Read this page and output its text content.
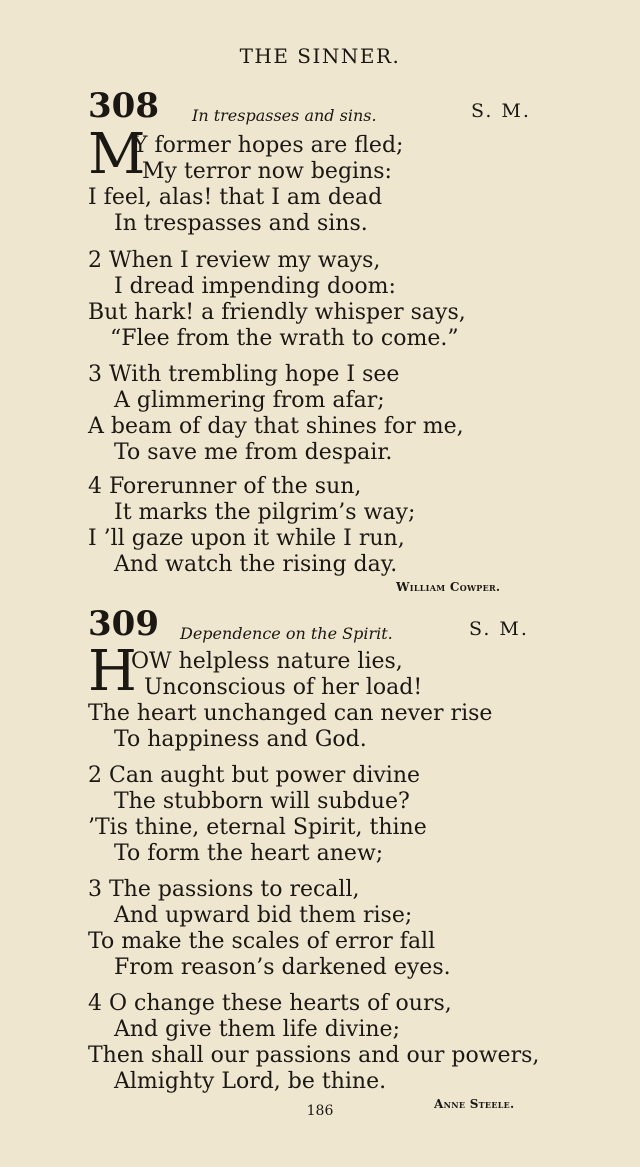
THE SINNER.
308 In trespasses and sins.	S. M.
M
Y former hopes are fled;
My terror now begins:
I feel, alas! that I am dead
In trespasses and sins.
2 When I review my ways,
I dread impending doom:
But hark! a friendly whisper says,
“Flee from the wrath to come.”
3 With trembling hope I see
A glimmering from afar;
A beam of day that shines for me,
To save me from despair.
4 Forerunner of the sun,
It marks the pilgrim’s way;
I ’ll gaze upon it while I run,
And watch the rising day.
William Cowper.
309 Dependence on the Spirit.	S. M.
H
OW helpless nature lies,
Unconscious of her load!
The heart unchanged can never rise
To happiness and God.
2 Can aught but power divine
The stubborn will subdue?
’Tis thine, eternal Spirit, thine
To form the heart anew;
3 The passions to recall,
And upward bid them rise;
To make the scales of error fall
From reason’s darkened eyes.
4 O change these hearts of ours,
And give them life divine;
Then shall our passions and our powers,
Almighty Lord, be thine.
Anne Steele.
186
